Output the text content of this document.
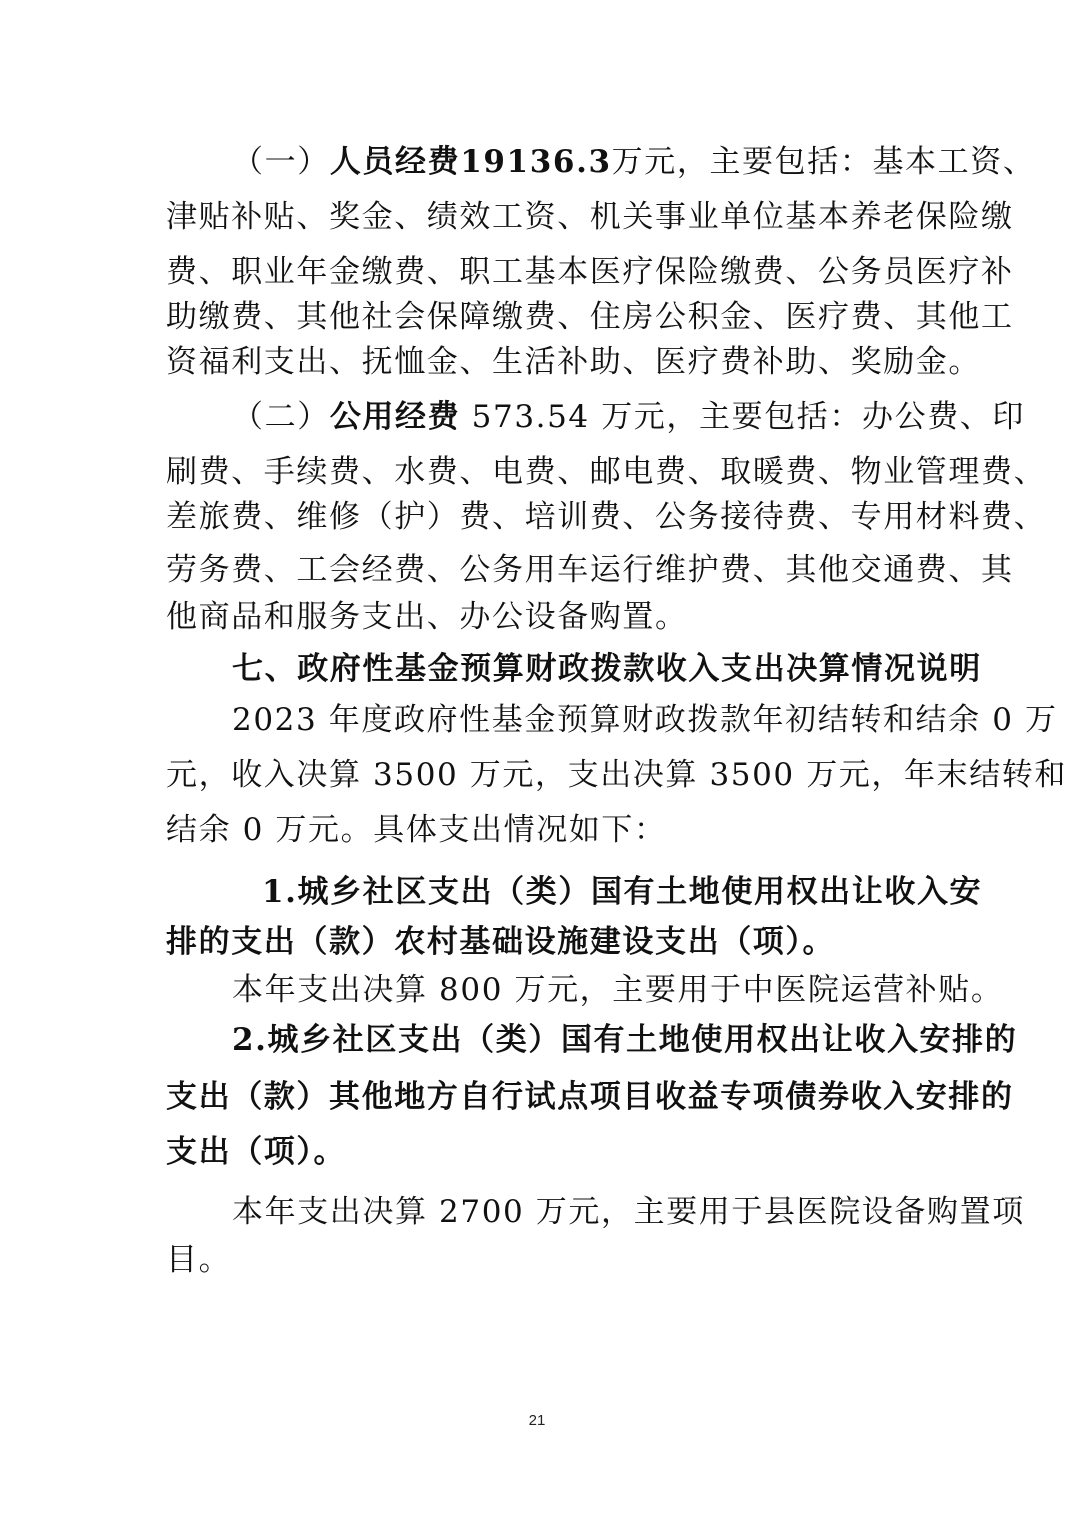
（一）人员经费19136.3万元，主要包括：基本工资、
津贴补贴、奖金、绩效工资、机关事业单位基本养老保险缴
费、职业年金缴费、职工基本医疗保险缴费、公务员医疗补
助缴费、其他社会保障缴费、住房公积金、医疗费、其他工
资福利支出、抚恤金、生活补助、医疗费补助、奖励金。
（二）公用经费 573.54 万元，主要包括：办公费、印
刷费、手续费、水费、电费、邮电费、取暖费、物业管理费、
差旅费、维修（护）费、培训费、公务接待费、专用材料费、
劳务费、工会经费、公务用车运行维护费、其他交通费、其
他商品和服务支出、办公设备购置。
七、政府性基金预算财政拨款收入支出决算情况说明
2023 年度政府性基金预算财政拨款年初结转和结余 0 万
元，收入决算 3500 万元，支出决算 3500 万元，年末结转和
结余 0 万元。具体支出情况如下：
1.城乡社区支出（类）国有土地使用权出让收入安
排的支出（款）农村基础设施建设支出（项）。
本年支出决算 800 万元，主要用于中医院运营补贴。
2.城乡社区支出（类）国有土地使用权出让收入安排的
支出（款）其他地方自行试点项目收益专项债券收入安排的
支出（项）。
本年支出决算 2700 万元，主要用于县医院设备购置项
目。
21
